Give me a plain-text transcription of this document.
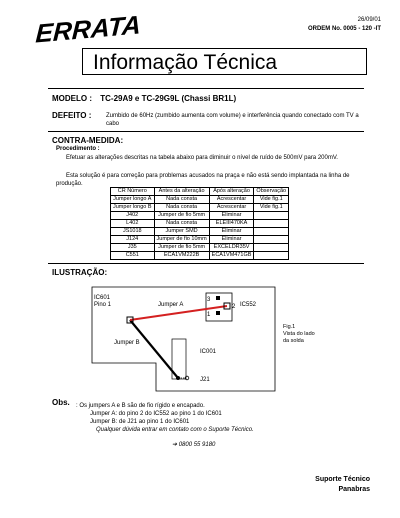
26/09/01
ORDEM No. 0005 - 120 -IT
ERRATA
Informação Técnica
MODELO : TC-29A9 e TC-29G9L (Chassi BR1L)
DEFEITO : Zumbido de 60Hz (zumbido aumenta com volume) e interferência quando conectado com TV a cabo
CONTRA-MEDIDA:
Procedimento :
Efetuar as alterações descritas na tabela abaixo para diminuir o nível de ruído de 500mV para 200mV.
Esta solução é para correção para problemas acusados na praça e não está sendo implantada na linha de produção.
CR Número	Antes da alteração	Após alteração	Observação
Jumper longo A	Nada consta	Acrescentar	Vide fig.1
Jumper longo B	Nada consta	Acrescentar	Vide fig.1
J402	Jumper de fio 5mm	Eliminar	
L402	Nada consta	ELEIII470KA	
JS1018	Jumper SMD	Eliminar	
J124	Jumper de fio 10mm	Eliminar	
J35	Jumper de fio 5mm	EXCELDR35V	
C551	ECA1VM222B	ECA1VM471GB	
ILUSTRAÇÃO:
IC601
Pino 1	Jumper A
Jumper B
IC552
3
2
1
IC001
J21
Fig.1
Vista do lado
da solda
Obs. : Os jumpers A e B são de fio rígido e encapado.
Jumper A: do pino 2 do IC552 ao pino 1 do IC601
Jumper B: de J21 ao pino 1 do IC601
Qualquer dúvida entrar em contato com o Suporte Técnico.
➔ 0800 55 9180
Suporte Técnico
Panabras
